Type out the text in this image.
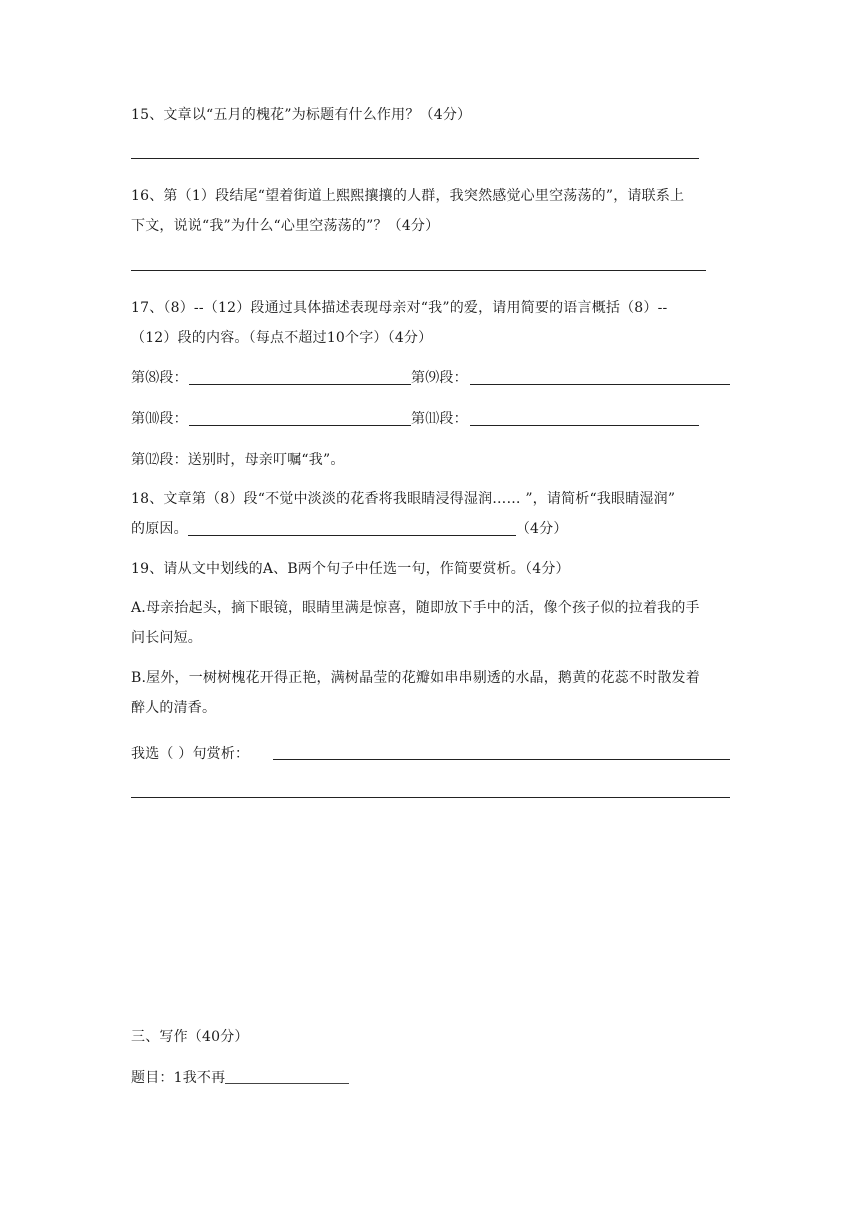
15、文章以“五月的槐花”为标题有什么作用？（4分）
16、第（1）段结尾“望着街道上熙熙攘攘的人群，我突然感觉心里空荡荡的”，请联系上
下文，说说“我”为什么“心里空荡荡的”？（4分）
17、（8）--（12）段通过具体描述表现母亲对“我”的爱，请用简要的语言概括（8）--
（12）段的内容。（每点不超过10个字）（4分）
第⑻段：	第⑼段：
第⑽段：	第⑾段：
第⑿段：送别时，母亲叮嘱“我”。
18、文章第（8）段“不觉中淡淡的花香将我眼睛浸得湿润…… ”，请简析“我眼睛湿润”
的原因。	（4分）
19、请从文中划线的A、B两个句子中任选一句，作简要赏析。（4分）
A.母亲抬起头，摘下眼镜，眼睛里满是惊喜，随即放下手中的活，像个孩子似的拉着我的手
问长问短。
B.屋外，一树树槐花开得正艳，满树晶莹的花瓣如串串剔透的水晶，鹅黄的花蕊不时散发着
醉人的清香。
我选（ ）句赏析：
三、写作（40分）
题目：1我不再
